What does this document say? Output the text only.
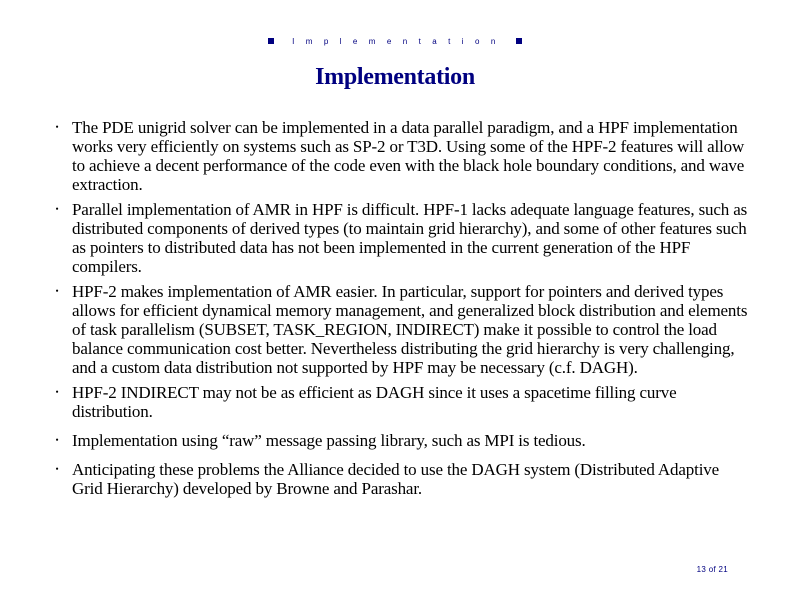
I m p l e m e n t a t i o n
Implementation
• The PDE unigrid solver can be implemented in a data parallel paradigm, and a HPF implementation works very efficiently on systems such as SP-2 or T3D. Using some of the HPF-2 features will allow to achieve a decent performance of the code even with the black hole boundary conditions, and wave extraction.
• Parallel implementation of AMR in HPF is difficult. HPF-1 lacks adequate language features, such as distributed components of derived types (to maintain grid hierarchy), and some of other features such as pointers to distributed data has not been implemented in the current generation of the HPF compilers.
• HPF-2 makes implementation of AMR easier. In particular, support for pointers and derived types allows for efficient dynamical memory management, and generalized block distribution and elements of task parallelism (SUBSET, TASK_REGION, INDIRECT) make it possible to control the load balance communication cost better. Nevertheless distributing the grid hierarchy is very challenging, and a custom data distribution not supported by HPF may be necessary (c.f. DAGH).
• HPF-2 INDIRECT may not be as efficient as DAGH since it uses a spacetime filling curve distribution.
• Implementation using “raw” message passing library, such as MPI is tedious.
• Anticipating these problems the Alliance decided to use the DAGH system (Distributed Adaptive Grid Hierarchy) developed by Browne and Parashar.
13 of 21
